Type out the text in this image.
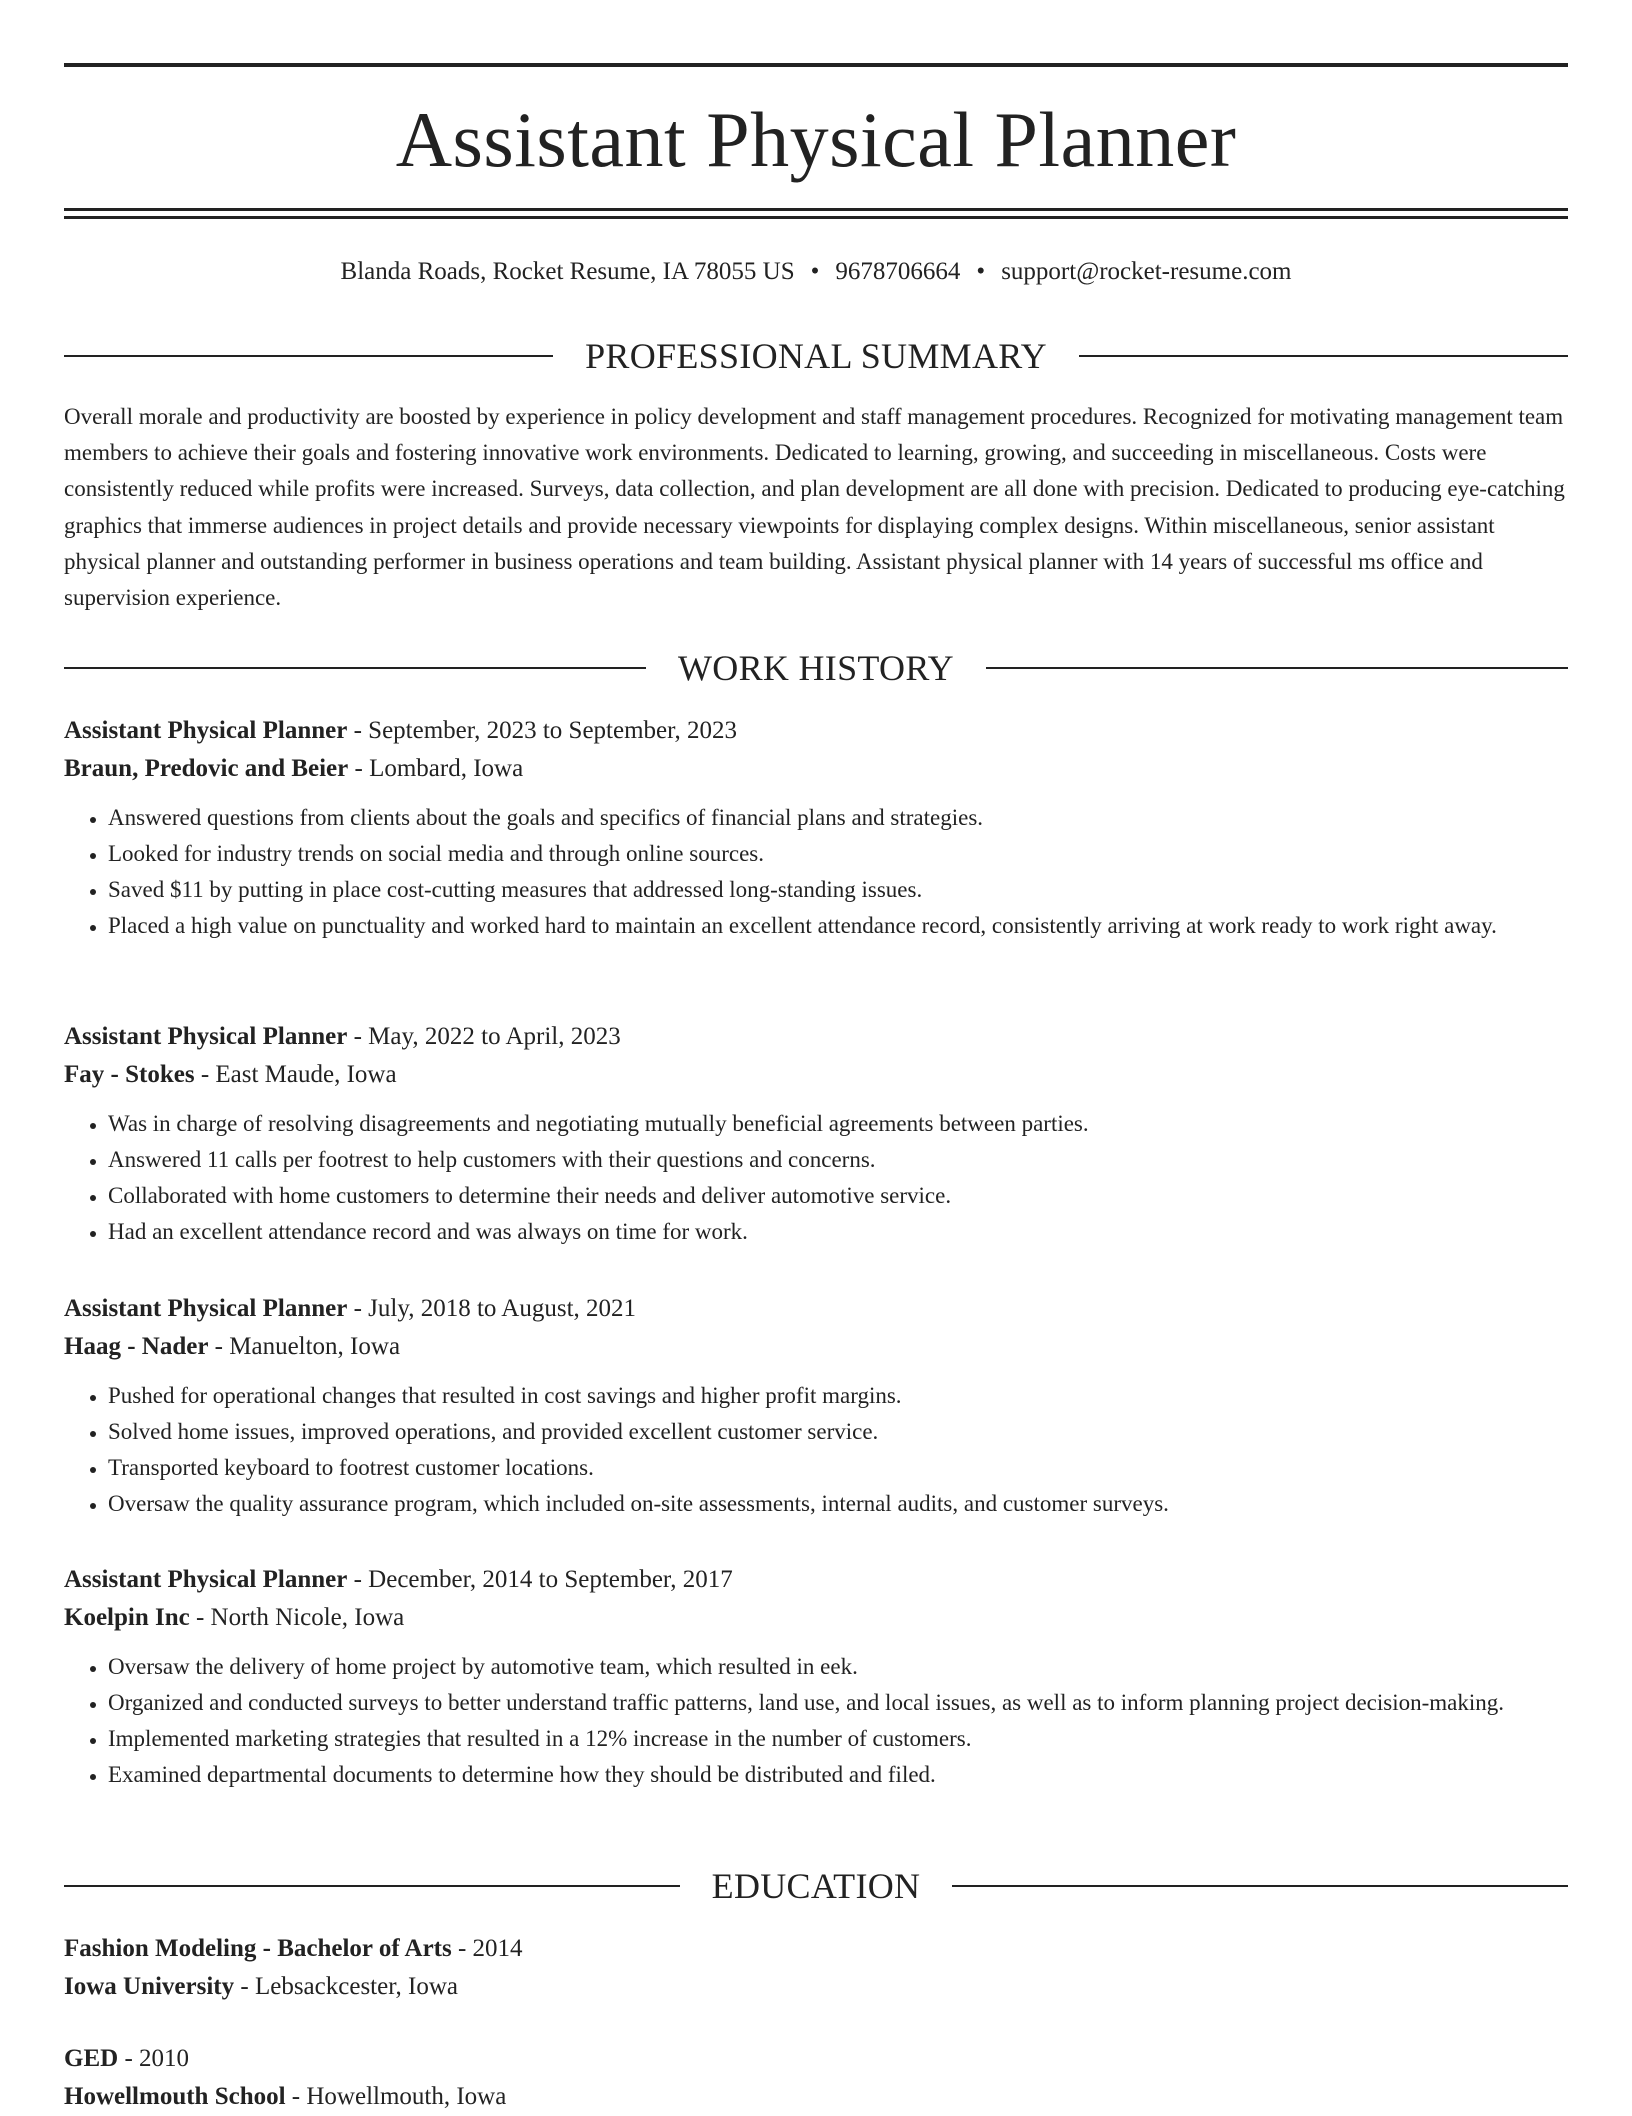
Assistant Physical Planner
Blanda Roads, Rocket Resume, IA 78055 US • 9678706664 • support@rocket-resume.com
PROFESSIONAL SUMMARY

Overall morale and productivity are boosted by experience in policy development and staff management procedures. Recognized for motivating management team members to achieve their goals and fostering innovative work environments. Dedicated to learning, growing, and succeeding in miscellaneous. Costs were consistently reduced while profits were increased. Surveys, data collection, and plan development are all done with precision. Dedicated to producing eye-catching graphics that immerse audiences in project details and provide necessary viewpoints for displaying complex designs. Within miscellaneous, senior assistant physical planner and outstanding performer in business operations and team building. Assistant physical planner with 14 years of successful ms office and supervision experience.

WORK HISTORY
Assistant Physical Planner - September, 2023 to September, 2023
Braun, Predovic and Beier - Lombard, Iowa
• Answered questions from clients about the goals and specifics of financial plans and strategies.
• Looked for industry trends on social media and through online sources.
• Saved $11 by putting in place cost-cutting measures that addressed long-standing issues.
• Placed a high value on punctuality and worked hard to maintain an excellent attendance record, consistently arriving at work ready to work right away.
Assistant Physical Planner - May, 2022 to April, 2023
Fay - Stokes - East Maude, Iowa
• Was in charge of resolving disagreements and negotiating mutually beneficial agreements between parties.
• Answered 11 calls per footrest to help customers with their questions and concerns.
• Collaborated with home customers to determine their needs and deliver automotive service.
• Had an excellent attendance record and was always on time for work.
Assistant Physical Planner - July, 2018 to August, 2021
Haag - Nader - Manuelton, Iowa
• Pushed for operational changes that resulted in cost savings and higher profit margins.
• Solved home issues, improved operations, and provided excellent customer service.
• Transported keyboard to footrest customer locations.
• Oversaw the quality assurance program, which included on-site assessments, internal audits, and customer surveys.
Assistant Physical Planner - December, 2014 to September, 2017
Koelpin Inc - North Nicole, Iowa
• Oversaw the delivery of home project by automotive team, which resulted in eek.
• Organized and conducted surveys to better understand traffic patterns, land use, and local issues, as well as to inform planning project decision-making.
• Implemented marketing strategies that resulted in a 12% increase in the number of customers.
• Examined departmental documents to determine how they should be distributed and filed.
EDUCATION
Fashion Modeling - Bachelor of Arts - 2014
Iowa University - Lebsackcester, Iowa
GED - 2010
Howellmouth School - Howellmouth, Iowa
